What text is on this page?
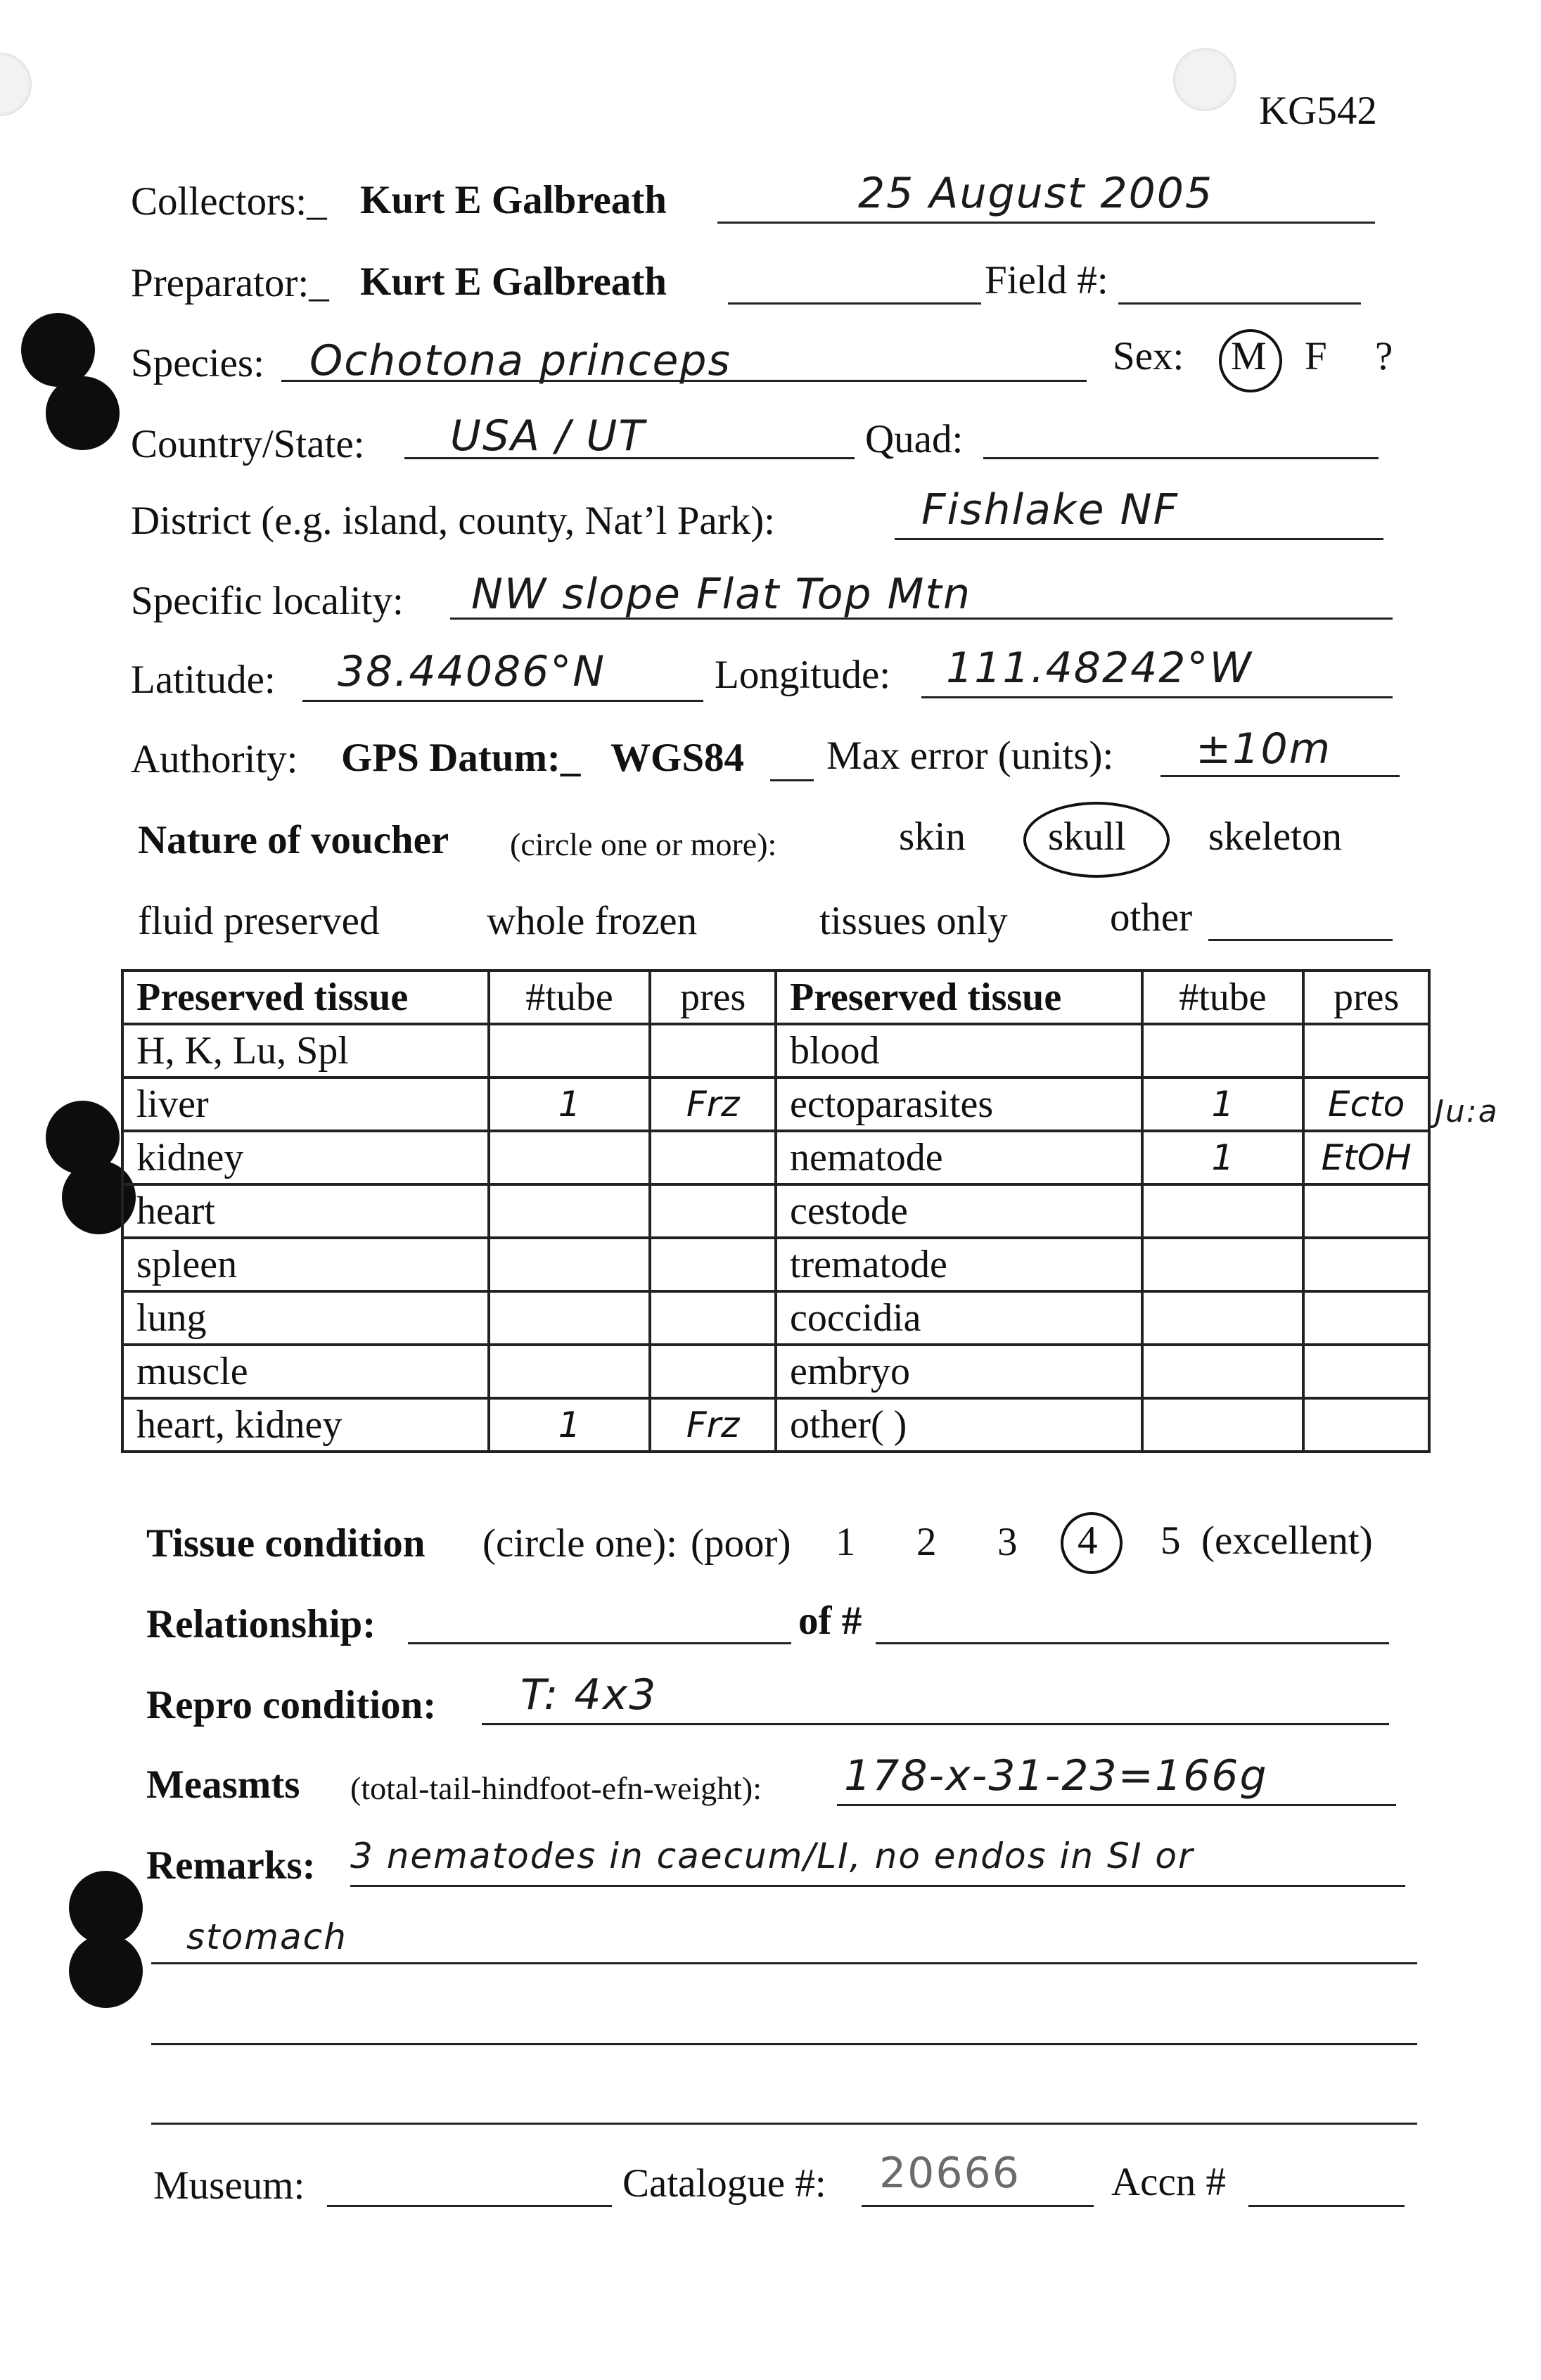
KG542
Collectors:_ Kurt E Galbreath	25 August 2005
Preparator:_ Kurt E Galbreath	Field #:
Species: Ochotona princeps	Sex: M F ?
Country/State: USA / UT	Quad:
District (e.g. island, county, Nat’l Park):	Fishlake NF
Specific locality: NW slope Flat Top Mtn
Latitude: 38.44086°N	Longitude: 111.48242°W
Authority: GPS Datum:_ WGS84 Max error (units): ±10m
Nature of voucher (circle one or more):	skin skull skeleton
fluid preserved	whole frozen	tissues only	other
Preserved tissue	#tube	pres	Preserved tissue	#tube	pres
H, K, Lu, Spl			blood		
liver	1	Frz	ectoparasites	1	Ecto
kidney			nematode	1	EtOH
heart			cestode		
spleen			trematode		
lung			coccidia		
muscle			embryo		
heart, kidney	1	Frz	other( )		
Ju:a
Tissue condition (circle one): (poor) 1 2 3 4 5 (excellent)
Relationship:	of #
Repro condition: T: 4x3
Measmts (total-tail-hindfoot-efn-weight): 178-x-31-23=166g
Remarks: 3 nematodes in caecum/LI, no endos in SI or
stomach
Museum:	Catalogue #: 20666 Accn #
